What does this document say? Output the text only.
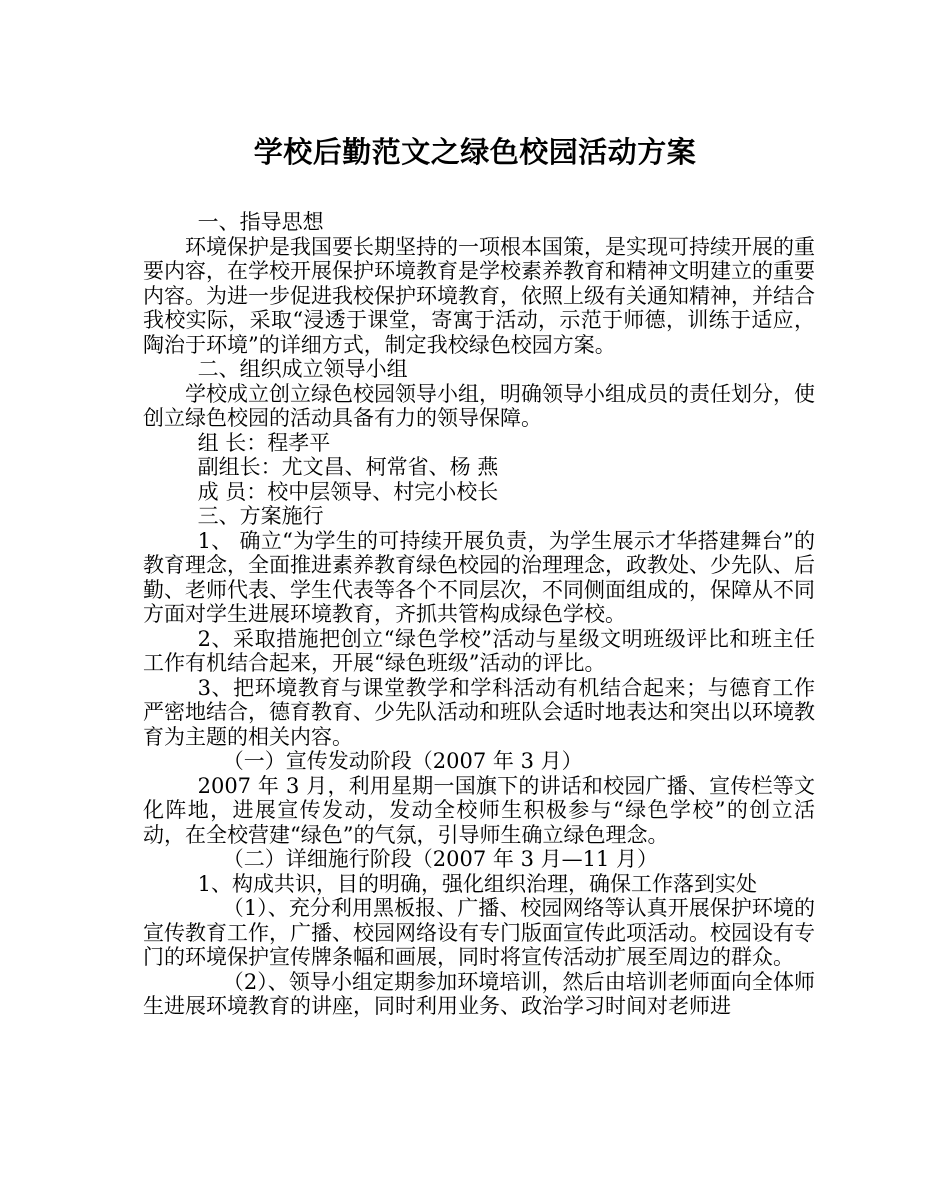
学校后勤范文之绿色校园活动方案

一、指导思想

环境保护是我国要长期坚持的一项根本国策，是实现可持续开展的重要内容，在学校开展保护环境教育是学校素养教育和精神文明建立的重要内容。为进一步促进我校保护环境教育，依照上级有关通知精神，并结合我校实际，采取“浸透于课堂，寄寓于活动，示范于师德，训练于适应，陶治于环境”的详细方式，制定我校绿色校园方案。

二、组织成立领导小组

学校成立创立绿色校园领导小组，明确领导小组成员的责任划分，使创立绿色校园的活动具备有力的领导保障。

组 长：程孝平

副组长：尤文昌、柯常省、杨 燕

成 员：校中层领导、村完小校长

三、方案施行

1、 确立“为学生的可持续开展负责，为学生展示才华搭建舞台”的教育理念，全面推进素养教育绿色校园的治理理念，政教处、少先队、后勤、老师代表、学生代表等各个不同层次，不同侧面组成的，保障从不同方面对学生进展环境教育，齐抓共管构成绿色学校。

2、采取措施把创立“绿色学校”活动与星级文明班级评比和班主任工作有机结合起来，开展“绿色班级”活动的评比。

3、把环境教育与课堂教学和学科活动有机结合起来；与德育工作严密地结合，德育教育、少先队活动和班队会适时地表达和突出以环境教育为主题的相关内容。

（一）宣传发动阶段（2007 年 3 月）

2007 年 3 月，利用星期一国旗下的讲话和校园广播、宣传栏等文化阵地，进展宣传发动，发动全校师生积极参与“绿色学校”的创立活动，在全校营建“绿色”的气氛，引导师生确立绿色理念。

（二）详细施行阶段（2007 年 3 月—11 月）

1、构成共识，目的明确，强化组织治理，确保工作落到实处

（1）、充分利用黑板报、广播、校园网络等认真开展保护环境的宣传教育工作，广播、校园网络设有专门版面宣传此项活动。校园设有专门的环境保护宣传牌条幅和画展，同时将宣传活动扩展至周边的群众。

（2）、领导小组定期参加环境培训，然后由培训老师面向全体师生进展环境教育的讲座，同时利用业务、政治学习时间对老师进
